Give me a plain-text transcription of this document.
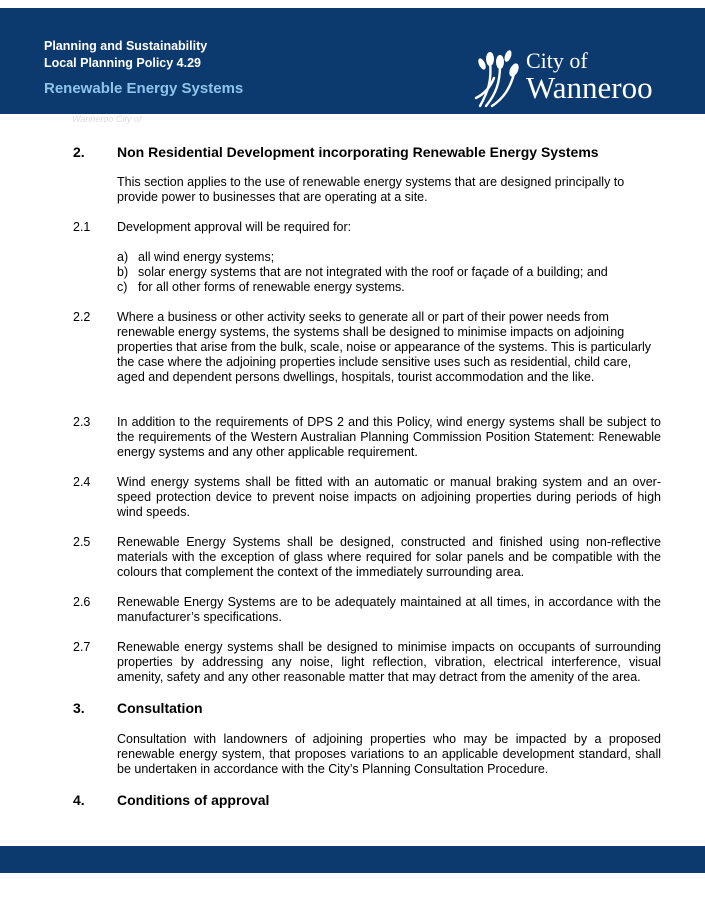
Planning and Sustainability
Local Planning Policy 4.29
Renewable Energy Systems
City of
Wanneroo
Wanneroo City of
2. Non Residential Development incorporating Renewable Energy Systems
This section applies to the use of renewable energy systems that are designed principally to provide power to businesses that are operating at a site.
2.1 Development approval will be required for:
a) all wind energy systems;
b) solar energy systems that are not integrated with the roof or façade of a building; and
c) for all other forms of renewable energy systems.
2.2 Where a business or other activity seeks to generate all or part of their power needs from renewable energy systems, the systems shall be designed to minimise impacts on adjoining properties that arise from the bulk, scale, noise or appearance of the systems. This is particularly the case where the adjoining properties include sensitive uses such as residential, child care, aged and dependent persons dwellings, hospitals, tourist accommodation and the like.
2.3 In addition to the requirements of DPS 2 and this Policy, wind energy systems shall be subject to the requirements of the Western Australian Planning Commission Position Statement: Renewable energy systems and any other applicable requirement.
2.4 Wind energy systems shall be fitted with an automatic or manual braking system and an over-speed protection device to prevent noise impacts on adjoining properties during periods of high wind speeds.
2.5 Renewable Energy Systems shall be designed, constructed and finished using non-reflective materials with the exception of glass where required for solar panels and be compatible with the colours that complement the context of the immediately surrounding area.
2.6 Renewable Energy Systems are to be adequately maintained at all times, in accordance with the manufacturer’s specifications.
2.7 Renewable energy systems shall be designed to minimise impacts on occupants of surrounding properties by addressing any noise, light reflection, vibration, electrical interference, visual amenity, safety and any other reasonable matter that may detract from the amenity of the area.
3. Consultation
Consultation with landowners of adjoining properties who may be impacted by a proposed renewable energy system, that proposes variations to an applicable development standard, shall be undertaken in accordance with the City’s Planning Consultation Procedure.
4. Conditions of approval
